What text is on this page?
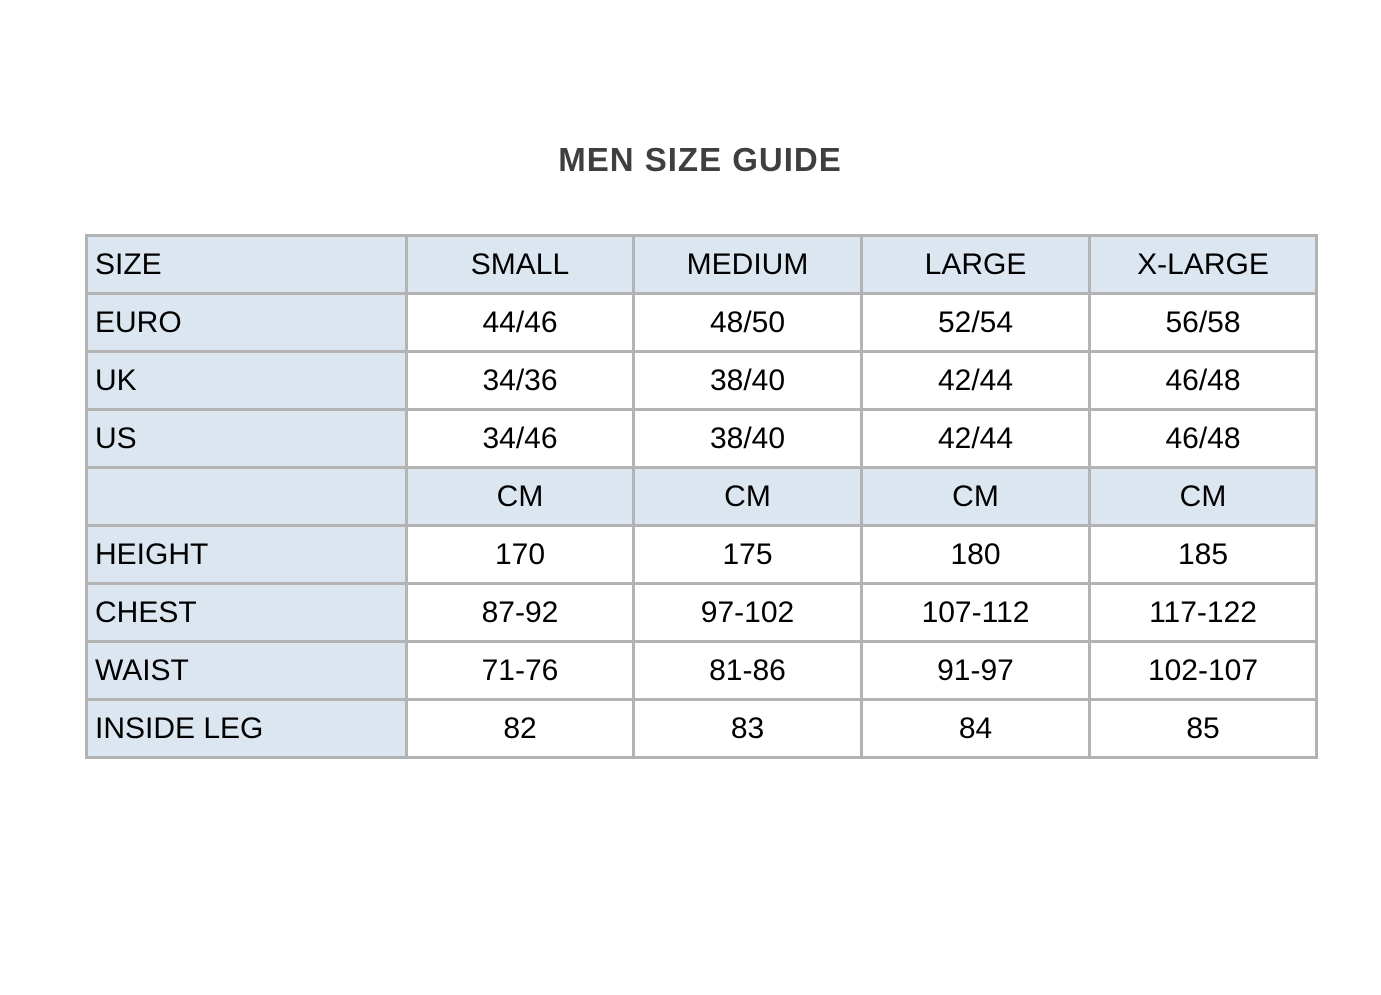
MEN SIZE GUIDE
SIZE	SMALL	MEDIUM	LARGE	X-LARGE
EURO	44/46	48/50	52/54	56/58
UK	34/36	38/40	42/44	46/48
US	34/46	38/40	42/44	46/48
	CM	CM	CM	CM
HEIGHT	170	175	180	185
CHEST	87-92	97-102	107-112	117-122
WAIST	71-76	81-86	91-97	102-107
INSIDE LEG	82	83	84	85
